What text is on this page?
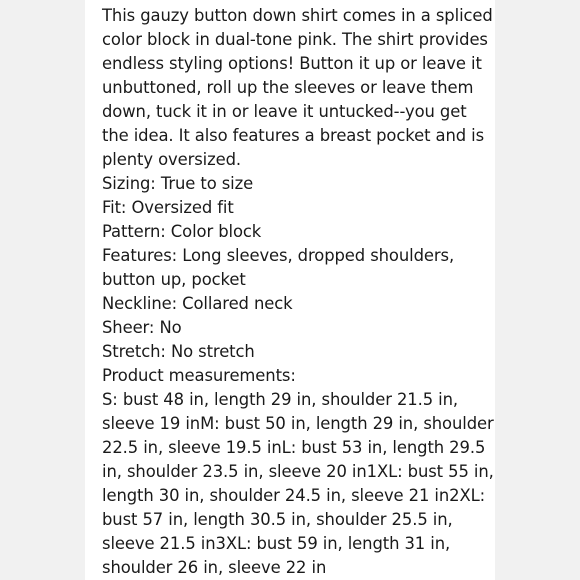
This gauzy button down shirt comes in a spliced
color block in dual-tone pink. The shirt provides
endless styling options! Button it up or leave it
unbuttoned, roll up the sleeves or leave them
down, tuck it in or leave it untucked--you get
the idea. It also features a breast pocket and is
plenty oversized.
Sizing: True to size
Fit: Oversized fit
Pattern: Color block
Features: Long sleeves, dropped shoulders,
button up, pocket
Neckline: Collared neck
Sheer: No
Stretch: No stretch
Product measurements:
S: bust 48 in, length 29 in, shoulder 21.5 in,
sleeve 19 inM: bust 50 in, length 29 in, shoulder
22.5 in, sleeve 19.5 inL: bust 53 in, length 29.5
in, shoulder 23.5 in, sleeve 20 in1XL: bust 55 in,
length 30 in, shoulder 24.5 in, sleeve 21 in2XL:
bust 57 in, length 30.5 in, shoulder 25.5 in,
sleeve 21.5 in3XL: bust 59 in, length 31 in,
shoulder 26 in, sleeve 22 in
